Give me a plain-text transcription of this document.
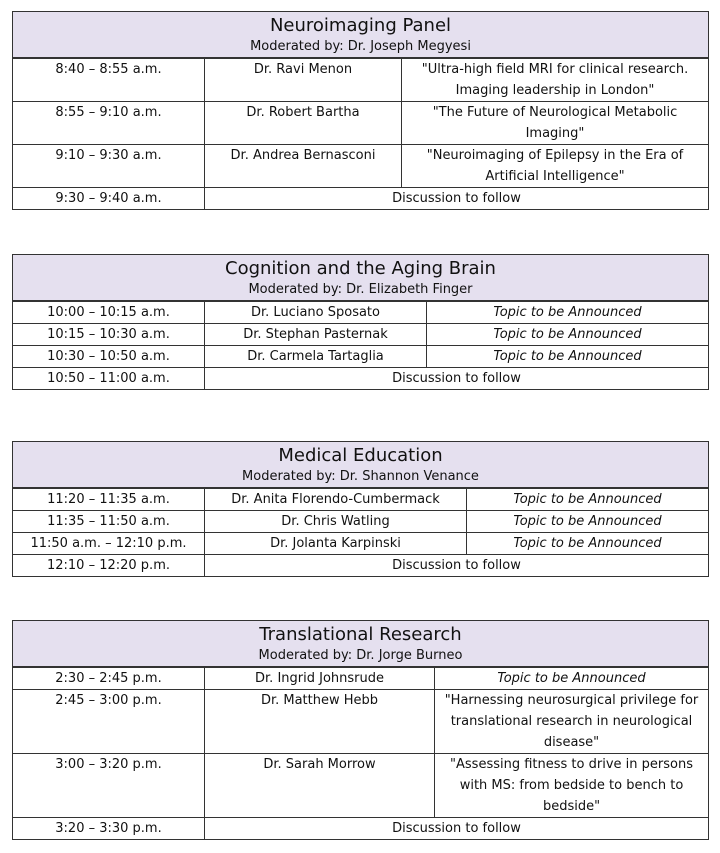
Neuroimaging Panel
Moderated by: Dr. Joseph Megyesi
8:40 – 8:55 a.m.	Dr. Ravi Menon	"Ultra-high field MRI for clinical research. Imaging leadership in London"
8:55 – 9:10 a.m.	Dr. Robert Bartha	"The Future of Neurological Metabolic Imaging"
9:10 – 9:30 a.m.	Dr. Andrea Bernasconi	"Neuroimaging of Epilepsy in the Era of Artificial Intelligence"
9:30 – 9:40 a.m.	Discussion to follow
Cognition and the Aging Brain
Moderated by: Dr. Elizabeth Finger
10:00 – 10:15 a.m.	Dr. Luciano Sposato	Topic to be Announced
10:15 – 10:30 a.m.	Dr. Stephan Pasternak	Topic to be Announced
10:30 – 10:50 a.m.	Dr. Carmela Tartaglia	Topic to be Announced
10:50 – 11:00 a.m.	Discussion to follow
Medical Education
Moderated by: Dr. Shannon Venance
11:20 – 11:35 a.m.	Dr. Anita Florendo-Cumbermack	Topic to be Announced
11:35 – 11:50 a.m.	Dr. Chris Watling	Topic to be Announced
11:50 a.m. – 12:10 p.m.	Dr. Jolanta Karpinski	Topic to be Announced
12:10 – 12:20 p.m.	Discussion to follow
Translational Research
Moderated by: Dr. Jorge Burneo
2:30 – 2:45 p.m.	Dr. Ingrid Johnsrude	Topic to be Announced
2:45 – 3:00 p.m.	Dr. Matthew Hebb	"Harnessing neurosurgical privilege for translational research in neurological disease"
3:00 – 3:20 p.m.	Dr. Sarah Morrow	"Assessing fitness to drive in persons with MS: from bedside to bench to bedside"
3:20 – 3:30 p.m.	Discussion to follow
